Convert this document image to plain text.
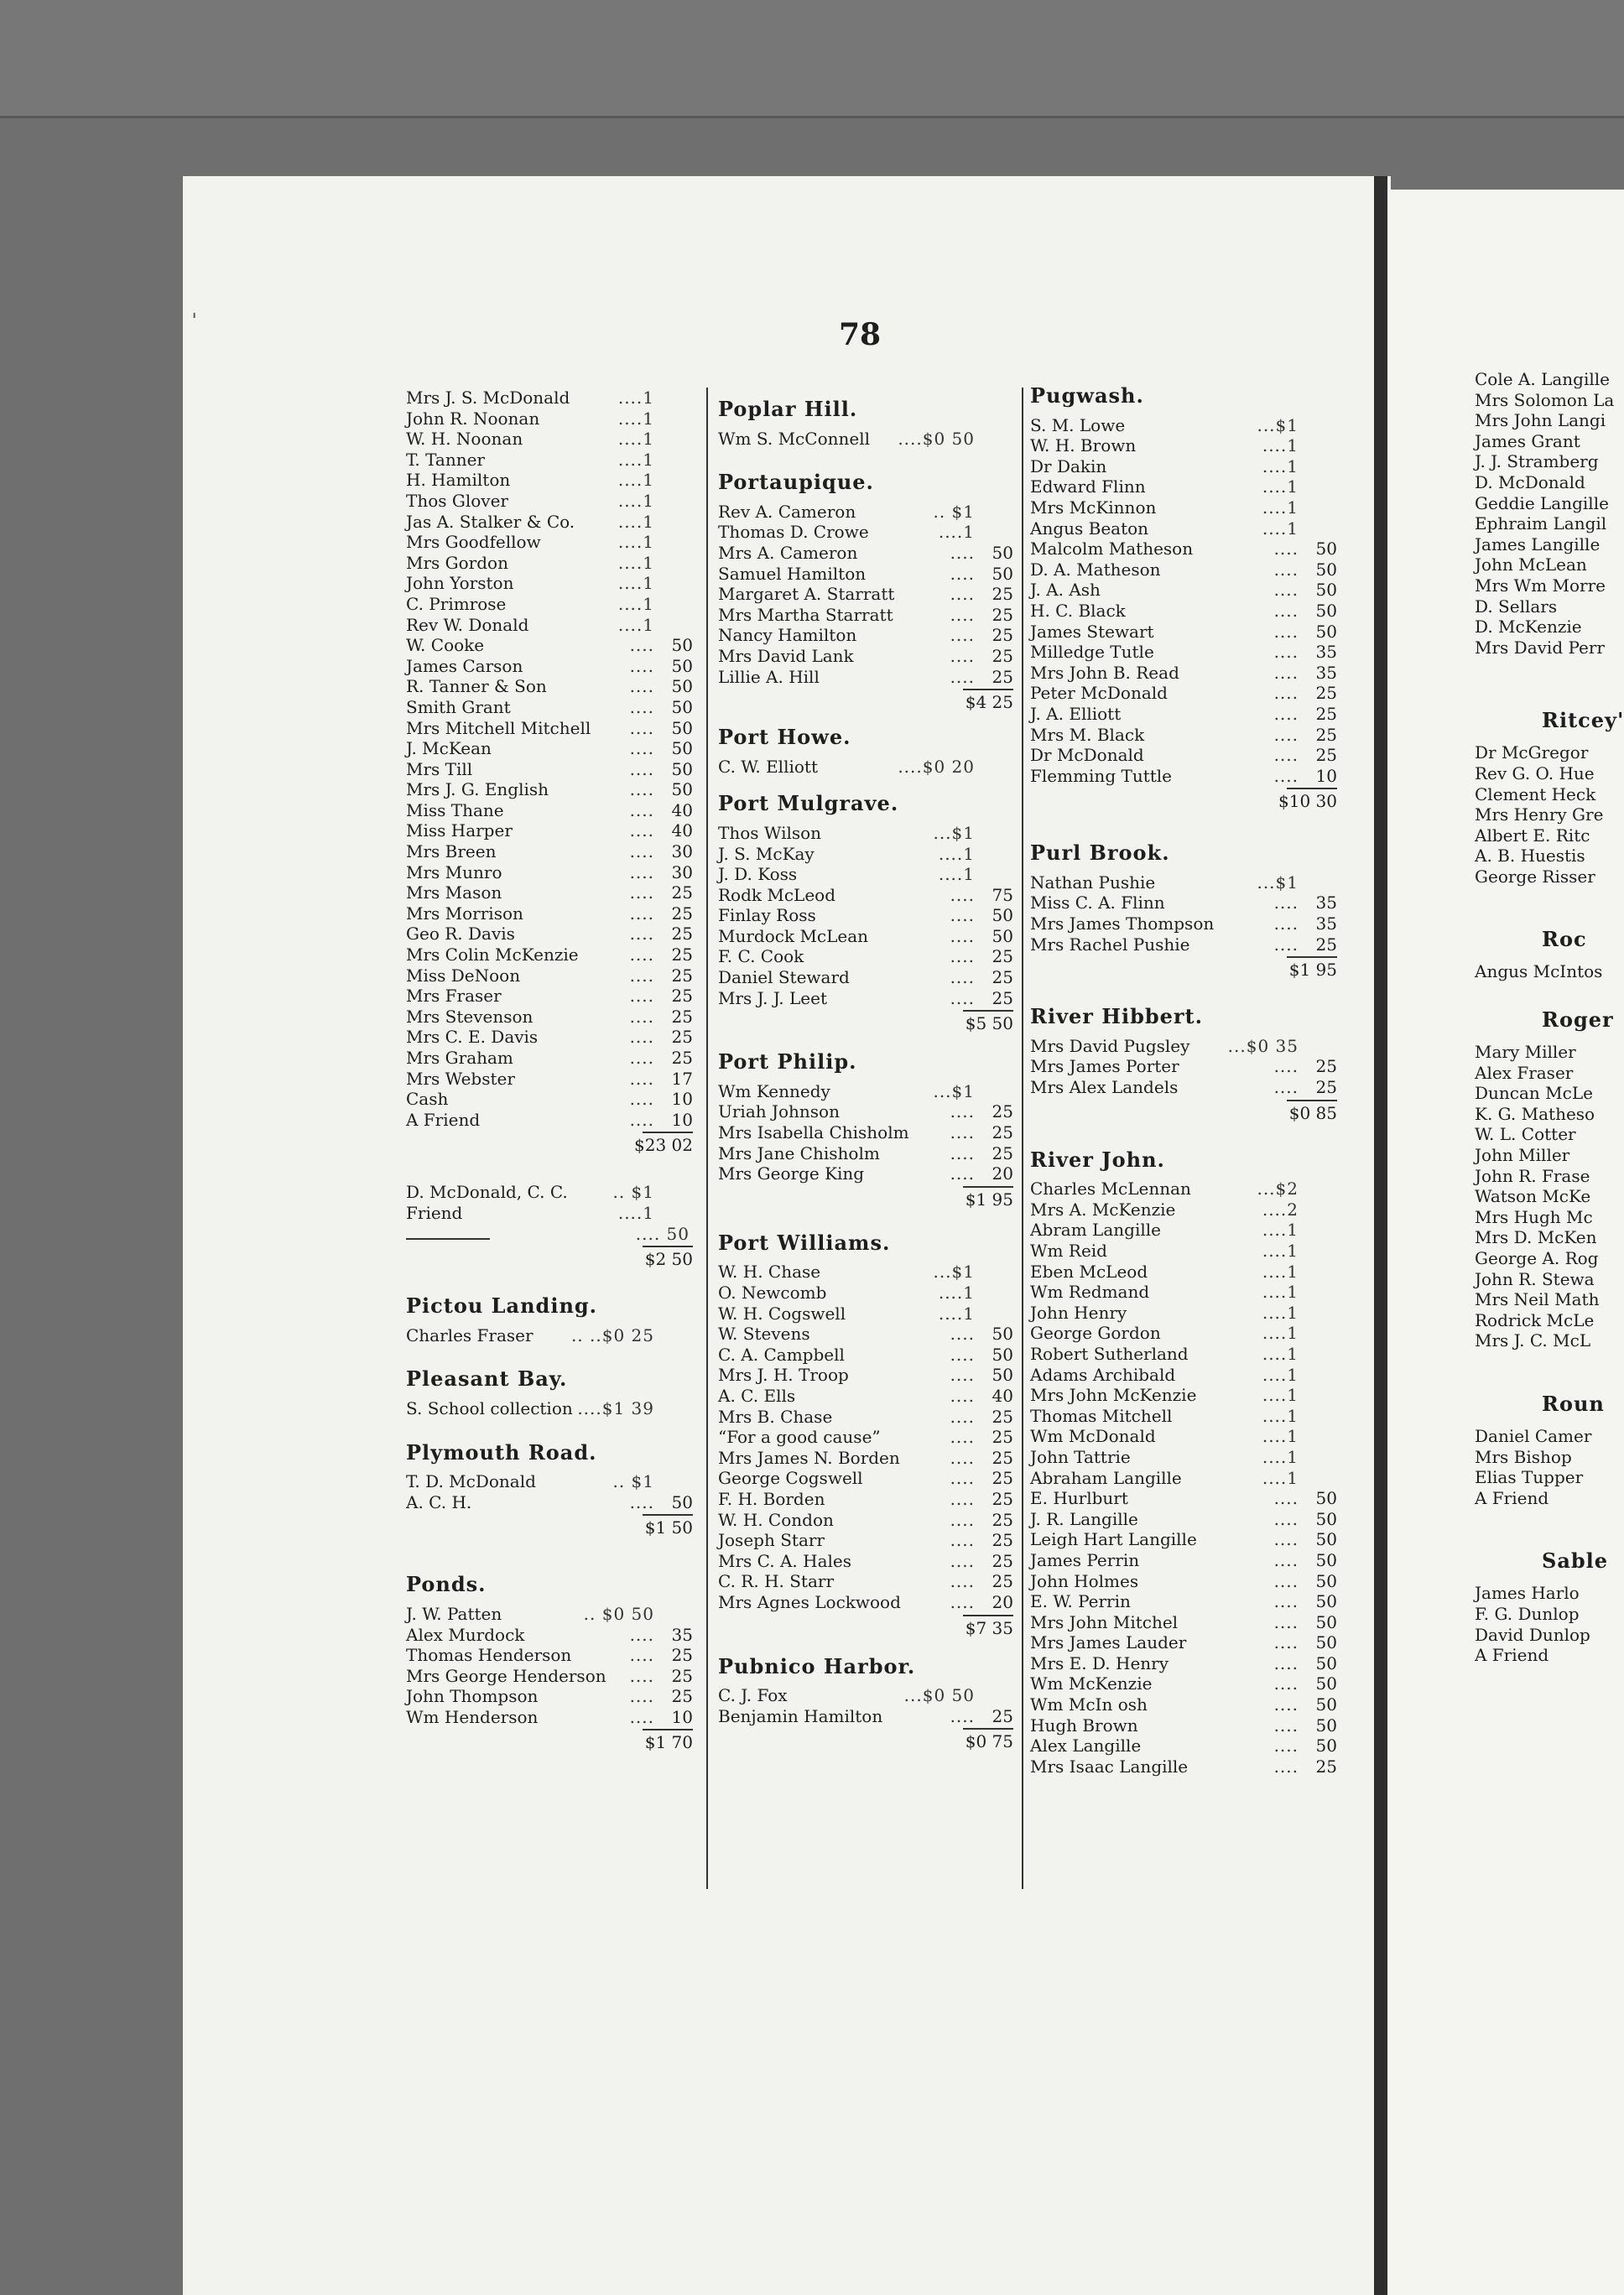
Cole A. Langille
Mrs Solomon La
Mrs John Langi
James Grant
J. J. Stramberg
D. McDonald
Geddie Langille
Ephraim Langil
James Langille
John McLean
Mrs Wm Morre
D. Sellars
D. McKenzie
Mrs David Perr
Ritcey'
Dr McGregor
Rev G. O. Hue
Clement Heck
Mrs Henry Gre
Albert E. Ritc
A. B. Huestis
George Risser
Roc
Angus McIntos
Roger
Mary Miller
Alex Fraser
Duncan McLe
K. G. Matheso
W. L. Cotter
John Miller
John R. Frase
Watson McKe
Mrs Hugh Mc
Mrs D. McKen
George A. Rog
John R. Stewa
Mrs Neil Math
Rodrick McLe
Mrs J. C. McL
Roun
Daniel Camer
Mrs Bishop
Elias Tupper
A Friend
Sable
James Harlo
F. G. Dunlop
David Dunlop
A Friend
ˈ	78
Mrs J. S. McDonald	....1
John R. Noonan	....1
W. H. Noonan	....1
T. Tanner	....1
H. Hamilton	....1
Thos Glover	....1
Jas A. Stalker & Co.	....1
Mrs Goodfellow	....1
Mrs Gordon	....1
John Yorston	....1
C. Primrose	....1
Rev W. Donald	....1
W. Cooke	....	50
James Carson	....	50
R. Tanner & Son	....	50
Smith Grant	....	50
Mrs Mitchell Mitchell	....	50
J. McKean	....	50
Mrs Till	....	50
Mrs J. G. English	....	50
Miss Thane	....	40
Miss Harper	....	40
Mrs Breen	....	30
Mrs Munro	....	30
Mrs Mason	....	25
Mrs Morrison	....	25
Geo R. Davis	....	25
Mrs Colin McKenzie	....	25
Miss DeNoon	....	25
Mrs Fraser	....	25
Mrs Stevenson	....	25
Mrs C. E. Davis	....	25
Mrs Graham	....	25
Mrs Webster	....	17
Cash	....	10
A Friend	....	10
$23 02
D. McDonald, C. C.	.. $1
Friend	....1
.... 50
$2 50
Pictou Landing.
Charles Fraser	.. ..$0 25
Pleasant Bay.
S. School collection ....$1 39
Plymouth Road.
T. D. McDonald	.. $1
A. C. H.	....	50
$1 50
Ponds.
J. W. Patten	.. $0 50
Alex Murdock	....	35
Thomas Henderson	....	25
Mrs George Henderson	....	25
John Thompson	....	25
Wm Henderson	....	10
$1 70
Poplar Hill.
Wm S. McConnell	....$0 50
Portaupique.
Rev A. Cameron	.. $1
Thomas D. Crowe	....1
Mrs A. Cameron	....	50
Samuel Hamilton	....	50
Margaret A. Starratt	....	25
Mrs Martha Starratt	....	25
Nancy Hamilton	....	25
Mrs David Lank	....	25
Lillie A. Hill	....	25
$4 25
Port Howe.
C. W. Elliott	....$0 20
Port Mulgrave.
Thos Wilson	...$1
J. S. McKay	....1
J. D. Koss	....1
Rodk McLeod	....	75
Finlay Ross	....	50
Murdock McLean	....	50
F. C. Cook	....	25
Daniel Steward	....	25
Mrs J. J. Leet	....	25
$5 50
Port Philip.
Wm Kennedy	...$1
Uriah Johnson	....	25
Mrs Isabella Chisholm	....	25
Mrs Jane Chisholm	....	25
Mrs George King	....	20
$1 95
Port Williams.
W. H. Chase	...$1
O. Newcomb	....1
W. H. Cogswell	....1
W. Stevens	....	50
C. A. Campbell	....	50
Mrs J. H. Troop	....	50
A. C. Ells	....	40
Mrs B. Chase	....	25
“For a good cause”	....	25
Mrs James N. Borden	....	25
George Cogswell	....	25
F. H. Borden	....	25
W. H. Condon	....	25
Joseph Starr	....	25
Mrs C. A. Hales	....	25
C. R. H. Starr	....	25
Mrs Agnes Lockwood	....	20
$7 35
Pubnico Harbor.
C. J. Fox	...$0 50
Benjamin Hamilton	....	25
$0 75
Pugwash.
S. M. Lowe	...$1
W. H. Brown	....1
Dr Dakin	....1
Edward Flinn	....1
Mrs McKinnon	....1
Angus Beaton	....1
Malcolm Matheson	....	50
D. A. Matheson	....	50
J. A. Ash	....	50
H. C. Black	....	50
James Stewart	....	50
Milledge Tutle	....	35
Mrs John B. Read	....	35
Peter McDonald	....	25
J. A. Elliott	....	25
Mrs M. Black	....	25
Dr McDonald	....	25
Flemming Tuttle	....	10
$10 30
Purl Brook.
Nathan Pushie	...$1
Miss C. A. Flinn	....	35
Mrs James Thompson	....	35
Mrs Rachel Pushie	....	25
$1 95
River Hibbert.
Mrs David Pugsley	...$0 35
Mrs James Porter	....	25
Mrs Alex Landels	....	25
$0 85
River John.
Charles McLennan	...$2
Mrs A. McKenzie	....2
Abram Langille	....1
Wm Reid	....1
Eben McLeod	....1
Wm Redmand	....1
John Henry	....1
George Gordon	....1
Robert Sutherland	....1
Adams Archibald	....1
Mrs John McKenzie	....1
Thomas Mitchell	....1
Wm McDonald	....1
John Tattrie	....1
Abraham Langille	....1
E. Hurlburt	....	50
J. R. Langille	....	50
Leigh Hart Langille	....	50
James Perrin	....	50
John Holmes	....	50
E. W. Perrin	....	50
Mrs John Mitchel	....	50
Mrs James Lauder	....	50
Mrs E. D. Henry	....	50
Wm McKenzie	....	50
Wm McIn osh	....	50
Hugh Brown	....	50
Alex Langille	....	50
Mrs Isaac Langille	....	25
